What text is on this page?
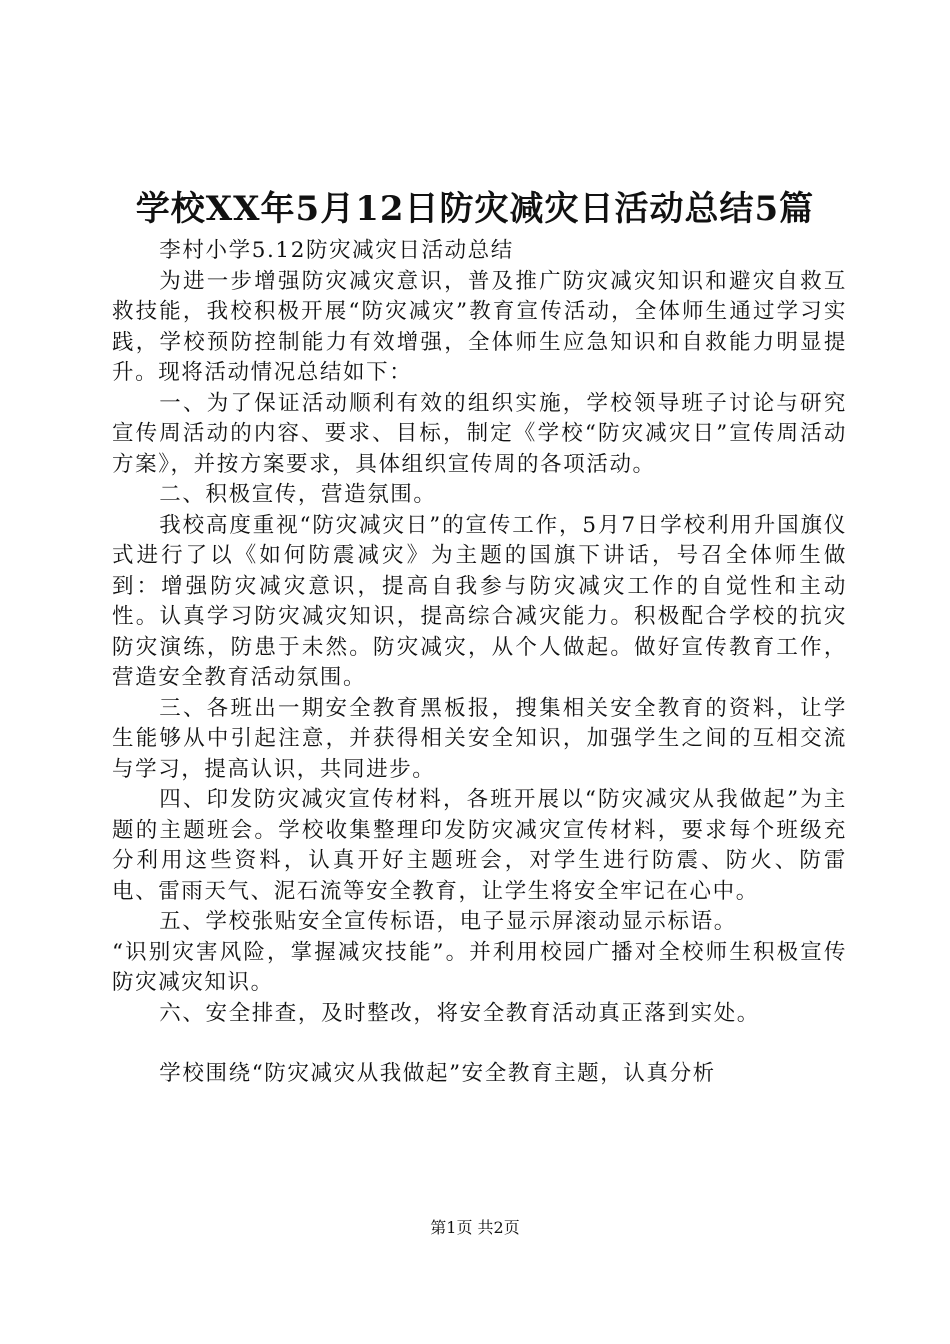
学校XX年5月12日防灾减灾日活动总结5篇

李村小学5.12防灾减灾日活动总结

为进一步增强防灾减灾意识，普及推广防灾减灾知识和避灾自救互救技能，我校积极开展“防灾减灾”教育宣传活动，全体师生通过学习实践，学校预防控制能力有效增强，全体师生应急知识和自救能力明显提升。现将活动情况总结如下：

一、为了保证活动顺利有效的组织实施，学校领导班子讨论与研究宣传周活动的内容、要求、目标，制定《学校“防灾减灾日”宣传周活动方案》，并按方案要求，具体组织宣传周的各项活动。

二、积极宣传，营造氛围。

我校高度重视“防灾减灾日”的宣传工作，5月7日学校利用升国旗仪式进行了以《如何防震减灾》为主题的国旗下讲话，号召全体师生做到：增强防灾减灾意识，提高自我参与防灾减灾工作的自觉性和主动性。认真学习防灾减灾知识，提高综合减灾能力。积极配合学校的抗灾防灾演练，防患于未然。防灾减灾，从个人做起。做好宣传教育工作，营造安全教育活动氛围。

三、各班出一期安全教育黑板报，搜集相关安全教育的资料，让学生能够从中引起注意，并获得相关安全知识，加强学生之间的互相交流与学习，提高认识，共同进步。

四、印发防灾减灾宣传材料，各班开展以“防灾减灾从我做起”为主题的主题班会。学校收集整理印发防灾减灾宣传材料，要求每个班级充分利用这些资料，认真开好主题班会，对学生进行防震、防火、防雷电、雷雨天气、泥石流等安全教育，让学生将安全牢记在心中。

五、学校张贴安全宣传标语，电子显示屏滚动显示标语。

“识别灾害风险，掌握减灾技能”。并利用校园广播对全校师生积极宣传防灾减灾知识。

六、安全排查，及时整改，将安全教育活动真正落到实处。

学校围绕“防灾减灾从我做起”安全教育主题，认真分析

第1页 共2页
